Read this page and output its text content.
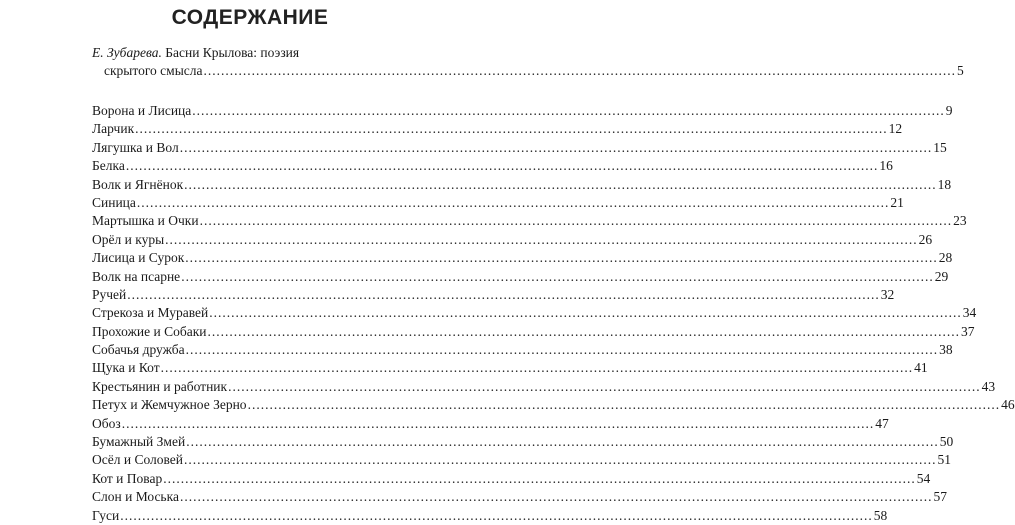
СОДЕРЖАНИЕ
Е. Зубарева. Басни Крылова: поэзия
скрытого смысла .....	5
Ворона и Лисица .....	9
Ларчик .....	12
Лягушка и Вол .....	15
Белка .....	16
Волк и Ягнёнок .....	18
Синица .....	21
Мартышка и Очки .....	23
Орёл и куры .....	26
Лисица и Сурок .....	28
Волк на псарне .....	29
Ручей .....	32
Стрекоза и Муравей .....	34
Прохожие и Собаки .....	37
Собачья дружба .....	38
Щука и Кот .....	41
Крестьянин и работник .....	43
Петух и Жемчужное Зерно .....	46
Обоз .....	47
Бумажный Змей .....	50
Осёл и Соловей .....	51
Кот и Повар .....	54
Слон и Моська .....	57
Гуси .....	58
